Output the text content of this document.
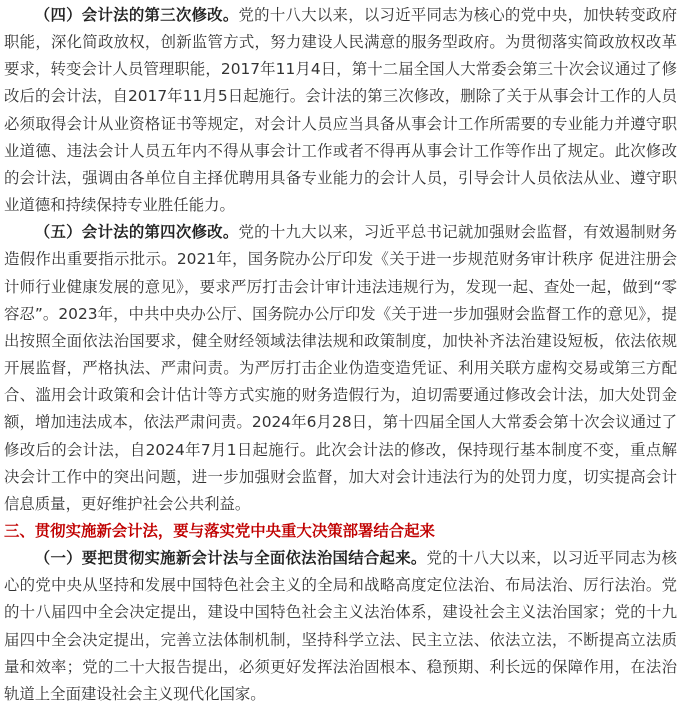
（四）会计法的第三次修改。党的十八大以来，以习近平同志为核心的党中央，加快转变政府职能，深化简政放权，创新监管方式，努力建设人民满意的服务型政府。为贯彻落实简政放权改革要求，转变会计人员管理职能，2017年11月4日，第十二届全国人大常委会第三十次会议通过了修改后的会计法，自2017年11月5日起施行。会计法的第三次修改，删除了关于从事会计工作的人员必须取得会计从业资格证书等规定，对会计人员应当具备从事会计工作所需要的专业能力并遵守职业道德、违法会计人员五年内不得从事会计工作或者不得再从事会计工作等作出了规定。此次修改的会计法，强调由各单位自主择优聘用具备专业能力的会计人员，引导会计人员依法从业、遵守职业道德和持续保持专业胜任能力。

（五）会计法的第四次修改。党的十九大以来，习近平总书记就加强财会监督，有效遏制财务造假作出重要指示批示。2021年，国务院办公厅印发《关于进一步规范财务审计秩序 促进注册会计师行业健康发展的意见》，要求严厉打击会计审计违法违规行为，发现一起、查处一起，做到“零容忍”。2023年，中共中央办公厅、国务院办公厅印发《关于进一步加强财会监督工作的意见》，提出按照全面依法治国要求，健全财经领域法律法规和政策制度，加快补齐法治建设短板，依法依规开展监督，严格执法、严肃问责。为严厉打击企业伪造变造凭证、利用关联方虚构交易或第三方配合、滥用会计政策和会计估计等方式实施的财务造假行为，迫切需要通过修改会计法，加大处罚金额，增加违法成本，依法严肃问责。2024年6月28日，第十四届全国人大常委会第十次会议通过了修改后的会计法，自2024年7月1日起施行。此次会计法的修改，保持现行基本制度不变，重点解决会计工作中的突出问题，进一步加强财会监督，加大对会计违法行为的处罚力度，切实提高会计信息质量，更好维护社会公共利益。

三、贯彻实施新会计法，要与落实党中央重大决策部署结合起来

（一）要把贯彻实施新会计法与全面依法治国结合起来。党的十八大以来，以习近平同志为核心的党中央从坚持和发展中国特色社会主义的全局和战略高度定位法治、布局法治、厉行法治。党的十八届四中全会决定提出，建设中国特色社会主义法治体系，建设社会主义法治国家；党的十九届四中全会决定提出，完善立法体制机制，坚持科学立法、民主立法、依法立法，不断提高立法质量和效率；党的二十大报告提出，必须更好发挥法治固根本、稳预期、利长远的保障作用，在法治轨道上全面建设社会主义现代化国家。
